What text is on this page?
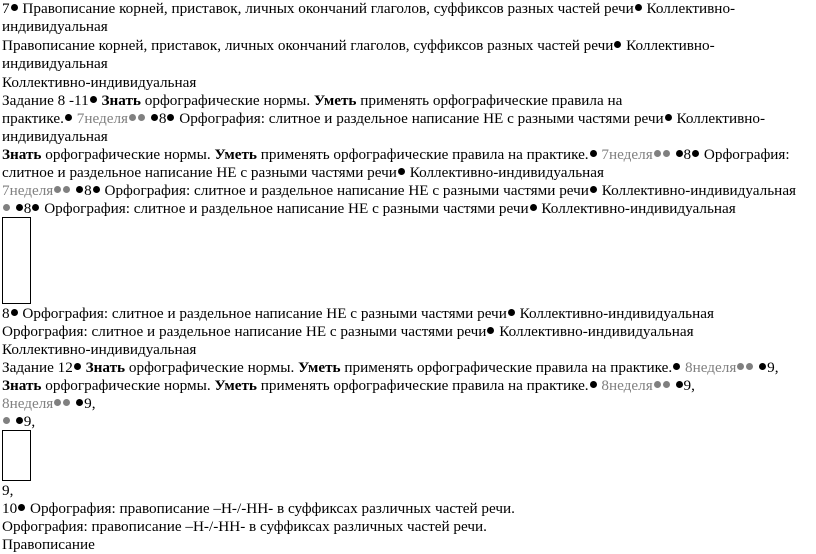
7 Правописание корней, приставок, личных окончаний глаголов, суффиксов разных частей речи Коллективно-
индивидуальная
Правописание корней, приставок, личных окончаний глаголов, суффиксов разных частей речи Коллективно-
индивидуальная
Коллективно-индивидуальная
Задание 8 -11 Знать орфографические нормы. Уметь применять орфографические правила на
практике. 7неделя 8 Орфография: слитное и раздельное написание НЕ с разными частями речи Коллективно-
индивидуальная
Знать орфографические нормы. Уметь применять орфографические правила на практике. 7неделя 8 Орфография:
слитное и раздельное написание НЕ с разными частями речи Коллективно-индивидуальная
7неделя 8 Орфография: слитное и раздельное написание НЕ с разными частями речи Коллективно-индивидуальная
8 Орфография: слитное и раздельное написание НЕ с разными частями речи Коллективно-индивидуальная
8 Орфография: слитное и раздельное написание НЕ с разными частями речи Коллективно-индивидуальная
Орфография: слитное и раздельное написание НЕ с разными частями речи Коллективно-индивидуальная
Коллективно-индивидуальная
Задание 12 Знать орфографические нормы. Уметь применять орфографические правила на практике. 8неделя 9,
Знать орфографические нормы. Уметь применять орфографические правила на практике. 8неделя 9,
8неделя 9,
9,
9,
10 Орфография: правописание –Н-/-НН- в суффиксах различных частей речи.
Орфография: правописание –Н-/-НН- в суффиксах различных частей речи.
Правописание
